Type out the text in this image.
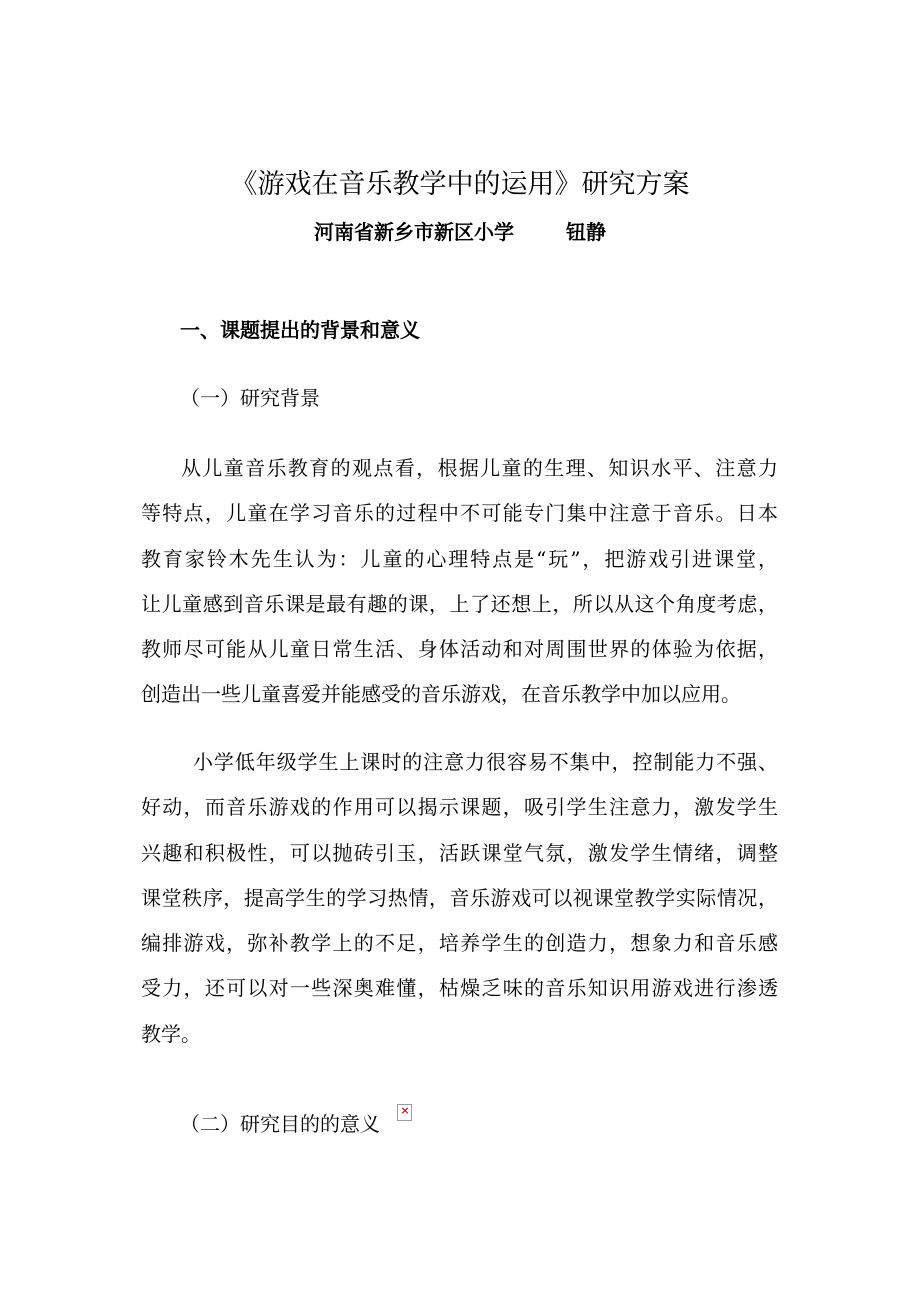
《游戏在音乐教学中的运用》研究方案
河南省新乡市新区小学	钮静
一、课题提出的背景和意义
（一）研究背景
从儿童音乐教育的观点看，根据儿童的生理、知识水平、注意力
等特点，儿童在学习音乐的过程中不可能专门集中注意于音乐。日本
教育家铃木先生认为：儿童的心理特点是“玩”，把游戏引进课堂，
让儿童感到音乐课是最有趣的课，上了还想上，所以从这个角度考虑，
教师尽可能从儿童日常生活、身体活动和对周围世界的体验为依据，
创造出一些儿童喜爱并能感受的音乐游戏，在音乐教学中加以应用。
小学低年级学生上课时的注意力很容易不集中，控制能力不强、
好动，而音乐游戏的作用可以揭示课题，吸引学生注意力，激发学生
兴趣和积极性，可以抛砖引玉，活跃课堂气氛，激发学生情绪，调整
课堂秩序，提高学生的学习热情，音乐游戏可以视课堂教学实际情况，
编排游戏，弥补教学上的不足，培养学生的创造力，想象力和音乐感
受力，还可以对一些深奥难懂，枯燥乏味的音乐知识用游戏进行渗透
教学。
（二）研究目的的意义
×
